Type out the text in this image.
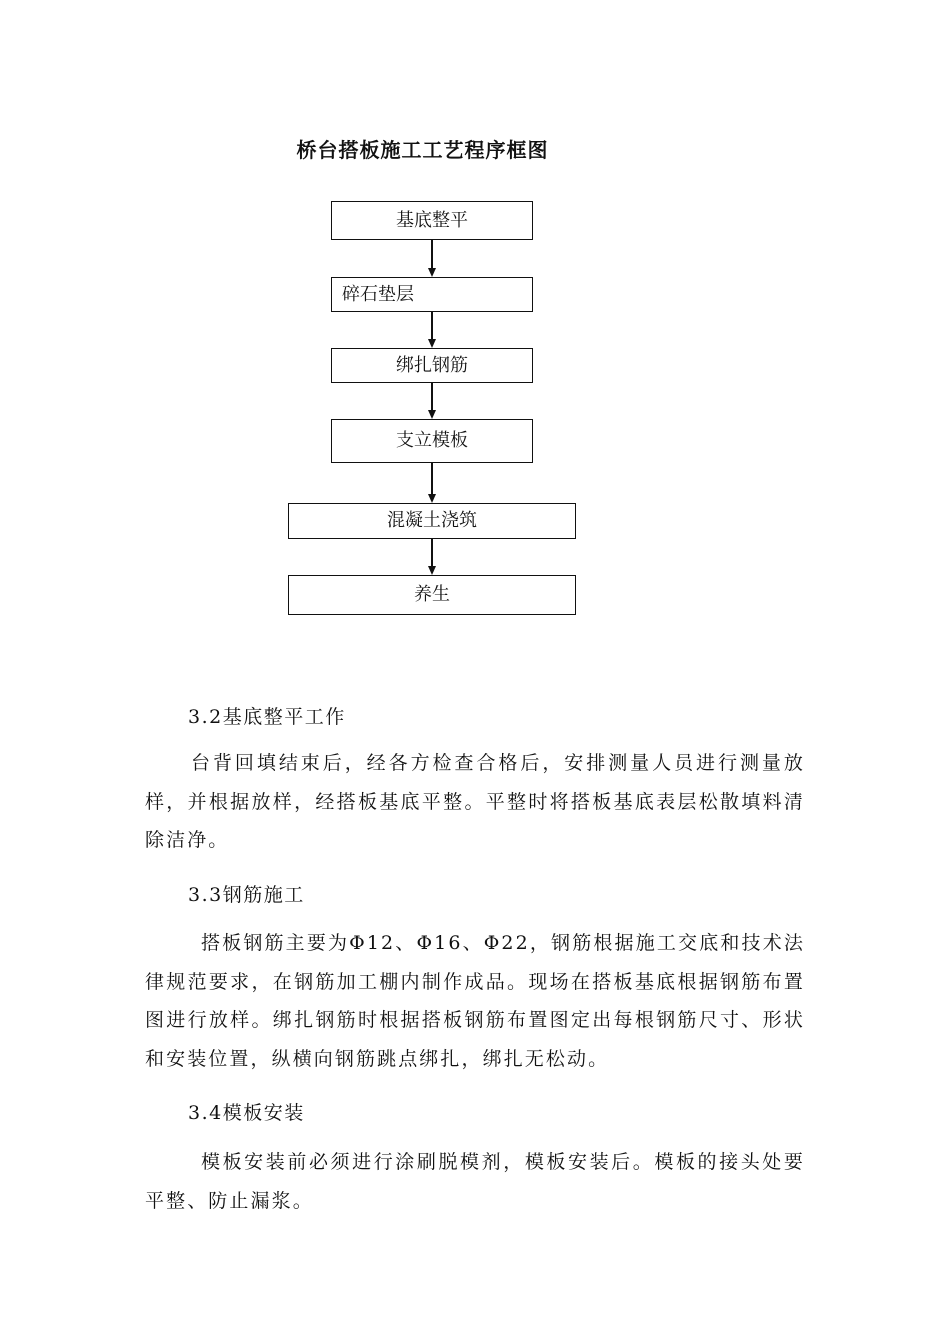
桥台搭板施工工艺程序框图
基底整平
碎石垫层
绑扎钢筋
支立模板
混凝土浇筑
养生
3.2基底整平工作
台背回填结束后，经各方检查合格后，安排测量人员进行测量放样，并根据放样，经搭板基底平整。平整时将搭板基底表层松散填料清除洁净。
3.3钢筋施工
搭板钢筋主要为Φ12、Φ16、Φ22，钢筋根据施工交底和技术法律规范要求，在钢筋加工棚内制作成品。现场在搭板基底根据钢筋布置图进行放样。绑扎钢筋时根据搭板钢筋布置图定出每根钢筋尺寸、形状和安装位置，纵横向钢筋跳点绑扎，绑扎无松动。
3.4模板安装
模板安装前必须进行涂刷脱模剂，模板安装后。模板的接头处要平整、防止漏浆。
